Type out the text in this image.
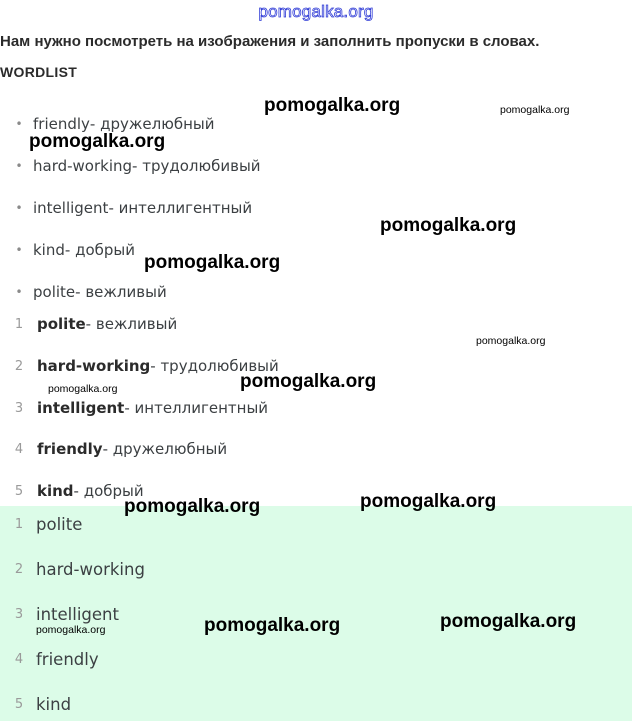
pomogalka.org
Нам нужно посмотреть на изображения и заполнить пропуски в словах.
WORDLIST
• friendly - дружелюбный
• hard-working - трудолюбивый
• intelligent - интеллигентный
• kind - добрый
• polite - вежливый
1 polite - вежливый
2 hard-working - трудолюбивый
3 intelligent - интеллигентный
4 friendly - дружелюбный
5 kind - добрый
1 polite
2 hard-working
3 intelligent
4 friendly
5 kind
pomogalka.org	pomogalka.org
pomogalka.org
pomogalka.org
pomogalka.org
pomogalka.org
pomogalka.org
pomogalka.org
pomogalka.org	pomogalka.org
pomogalka.org	pomogalka.org	pomogalka.org
